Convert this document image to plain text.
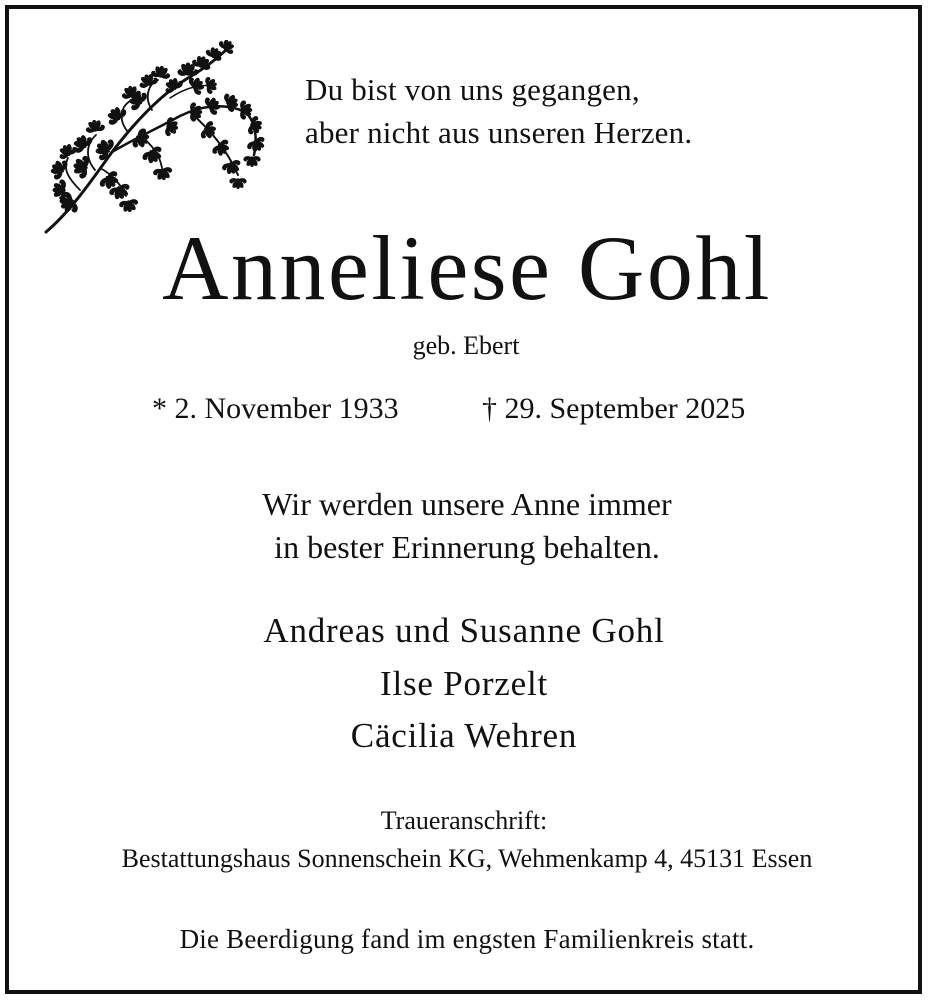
Du bist von uns gegangen,
aber nicht aus unseren Herzen.
Anneliese Gohl
geb. Ebert
* 2. November 1933	† 29. September 2025
Wir werden unsere Anne immer
in bester Erinnerung behalten.
Andreas und Susanne Gohl
Ilse Porzelt
Cäcilia Wehren
Traueranschrift:
Bestattungshaus Sonnenschein KG, Wehmenkamp 4, 45131 Essen
Die Beerdigung fand im engsten Familienkreis statt.
